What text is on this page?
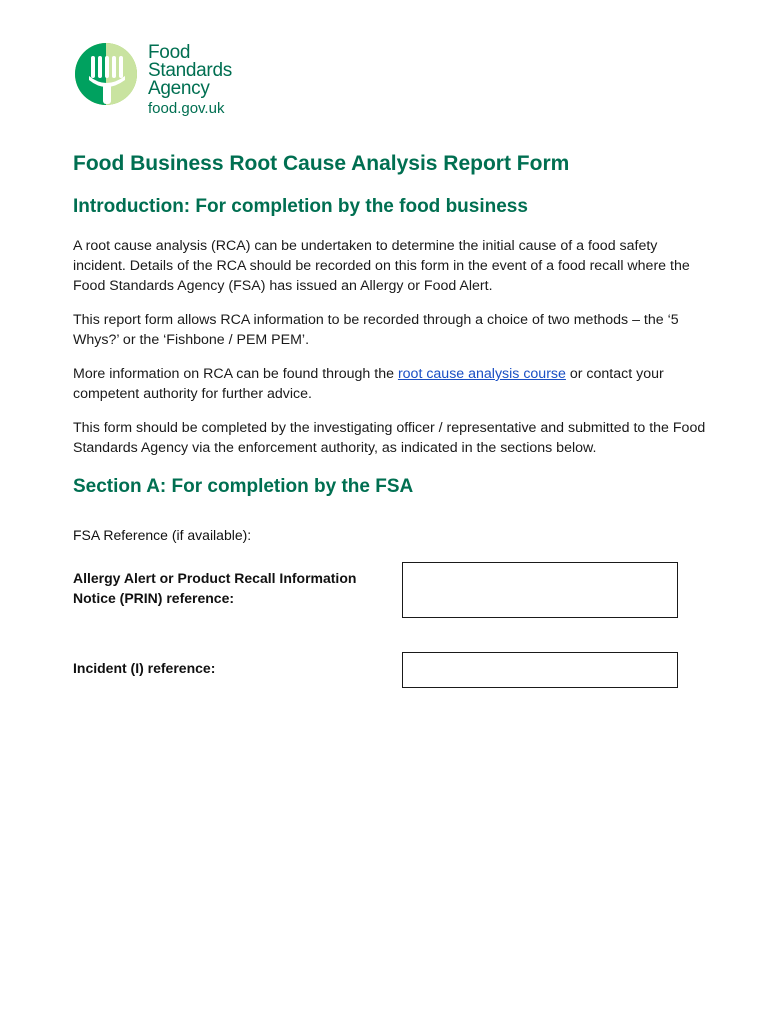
Food
Standards
Agency
food.gov.uk
Food Business Root Cause Analysis Report Form
Introduction: For completion by the food business

A root cause analysis (RCA) can be undertaken to determine the initial cause of a food safety incident. Details of the RCA should be recorded on this form in the event of a food recall where the Food Standards Agency (FSA) has issued an Allergy or Food Alert.

This report form allows RCA information to be recorded through a choice of two methods – the ‘5 Whys?’ or the ‘Fishbone / PEM PEM’.

More information on RCA can be found through the root cause analysis course or contact your competent authority for further advice.

This form should be completed by the investigating officer / representative and submitted to the Food Standards Agency via the enforcement authority, as indicated in the sections below.

Section A: For completion by the FSA
FSA Reference (if available):
Allergy Alert or Product Recall Information Notice (PRIN) reference:
Incident (I) reference:
